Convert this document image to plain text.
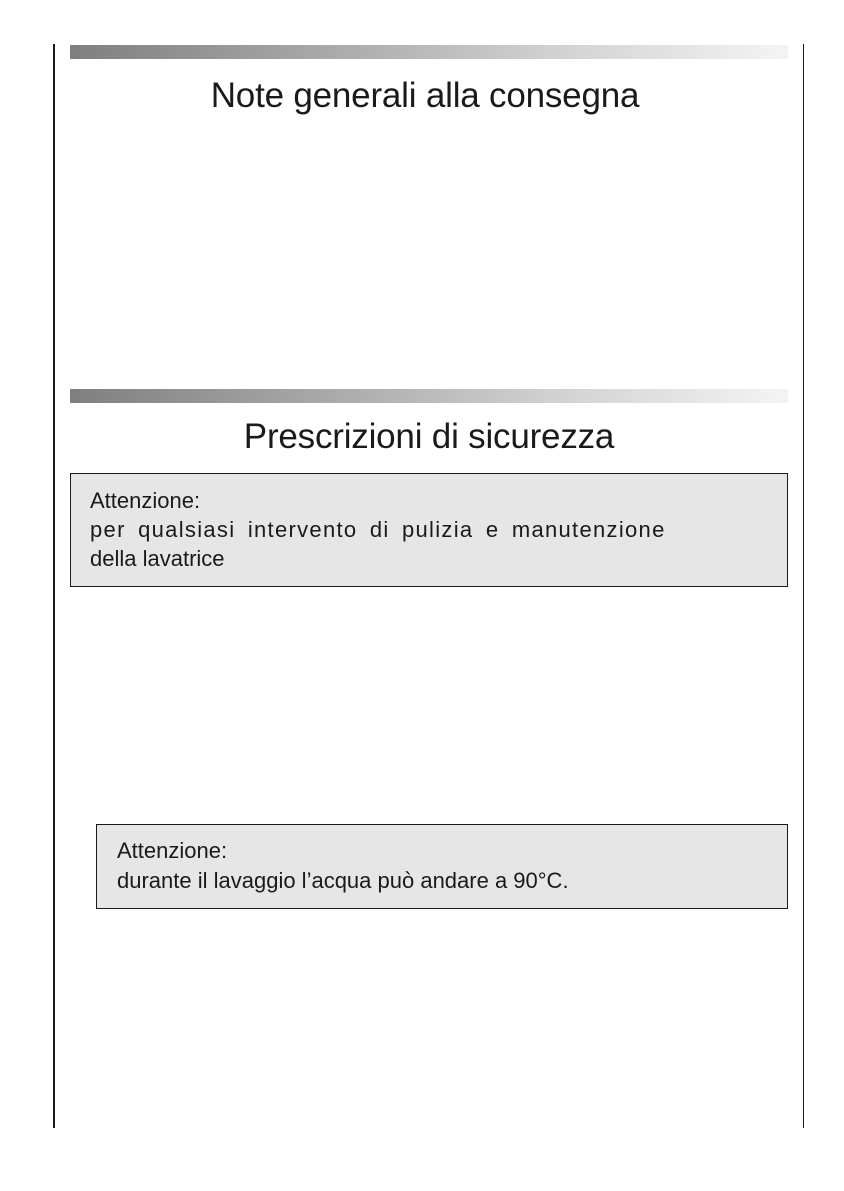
Note generali alla consegna
Prescrizioni di sicurezza
Attenzione:
per qualsiasi intervento di pulizia e manutenzione
della lavatrice
Attenzione:
durante il lavaggio l’acqua può andare a 90°C.
